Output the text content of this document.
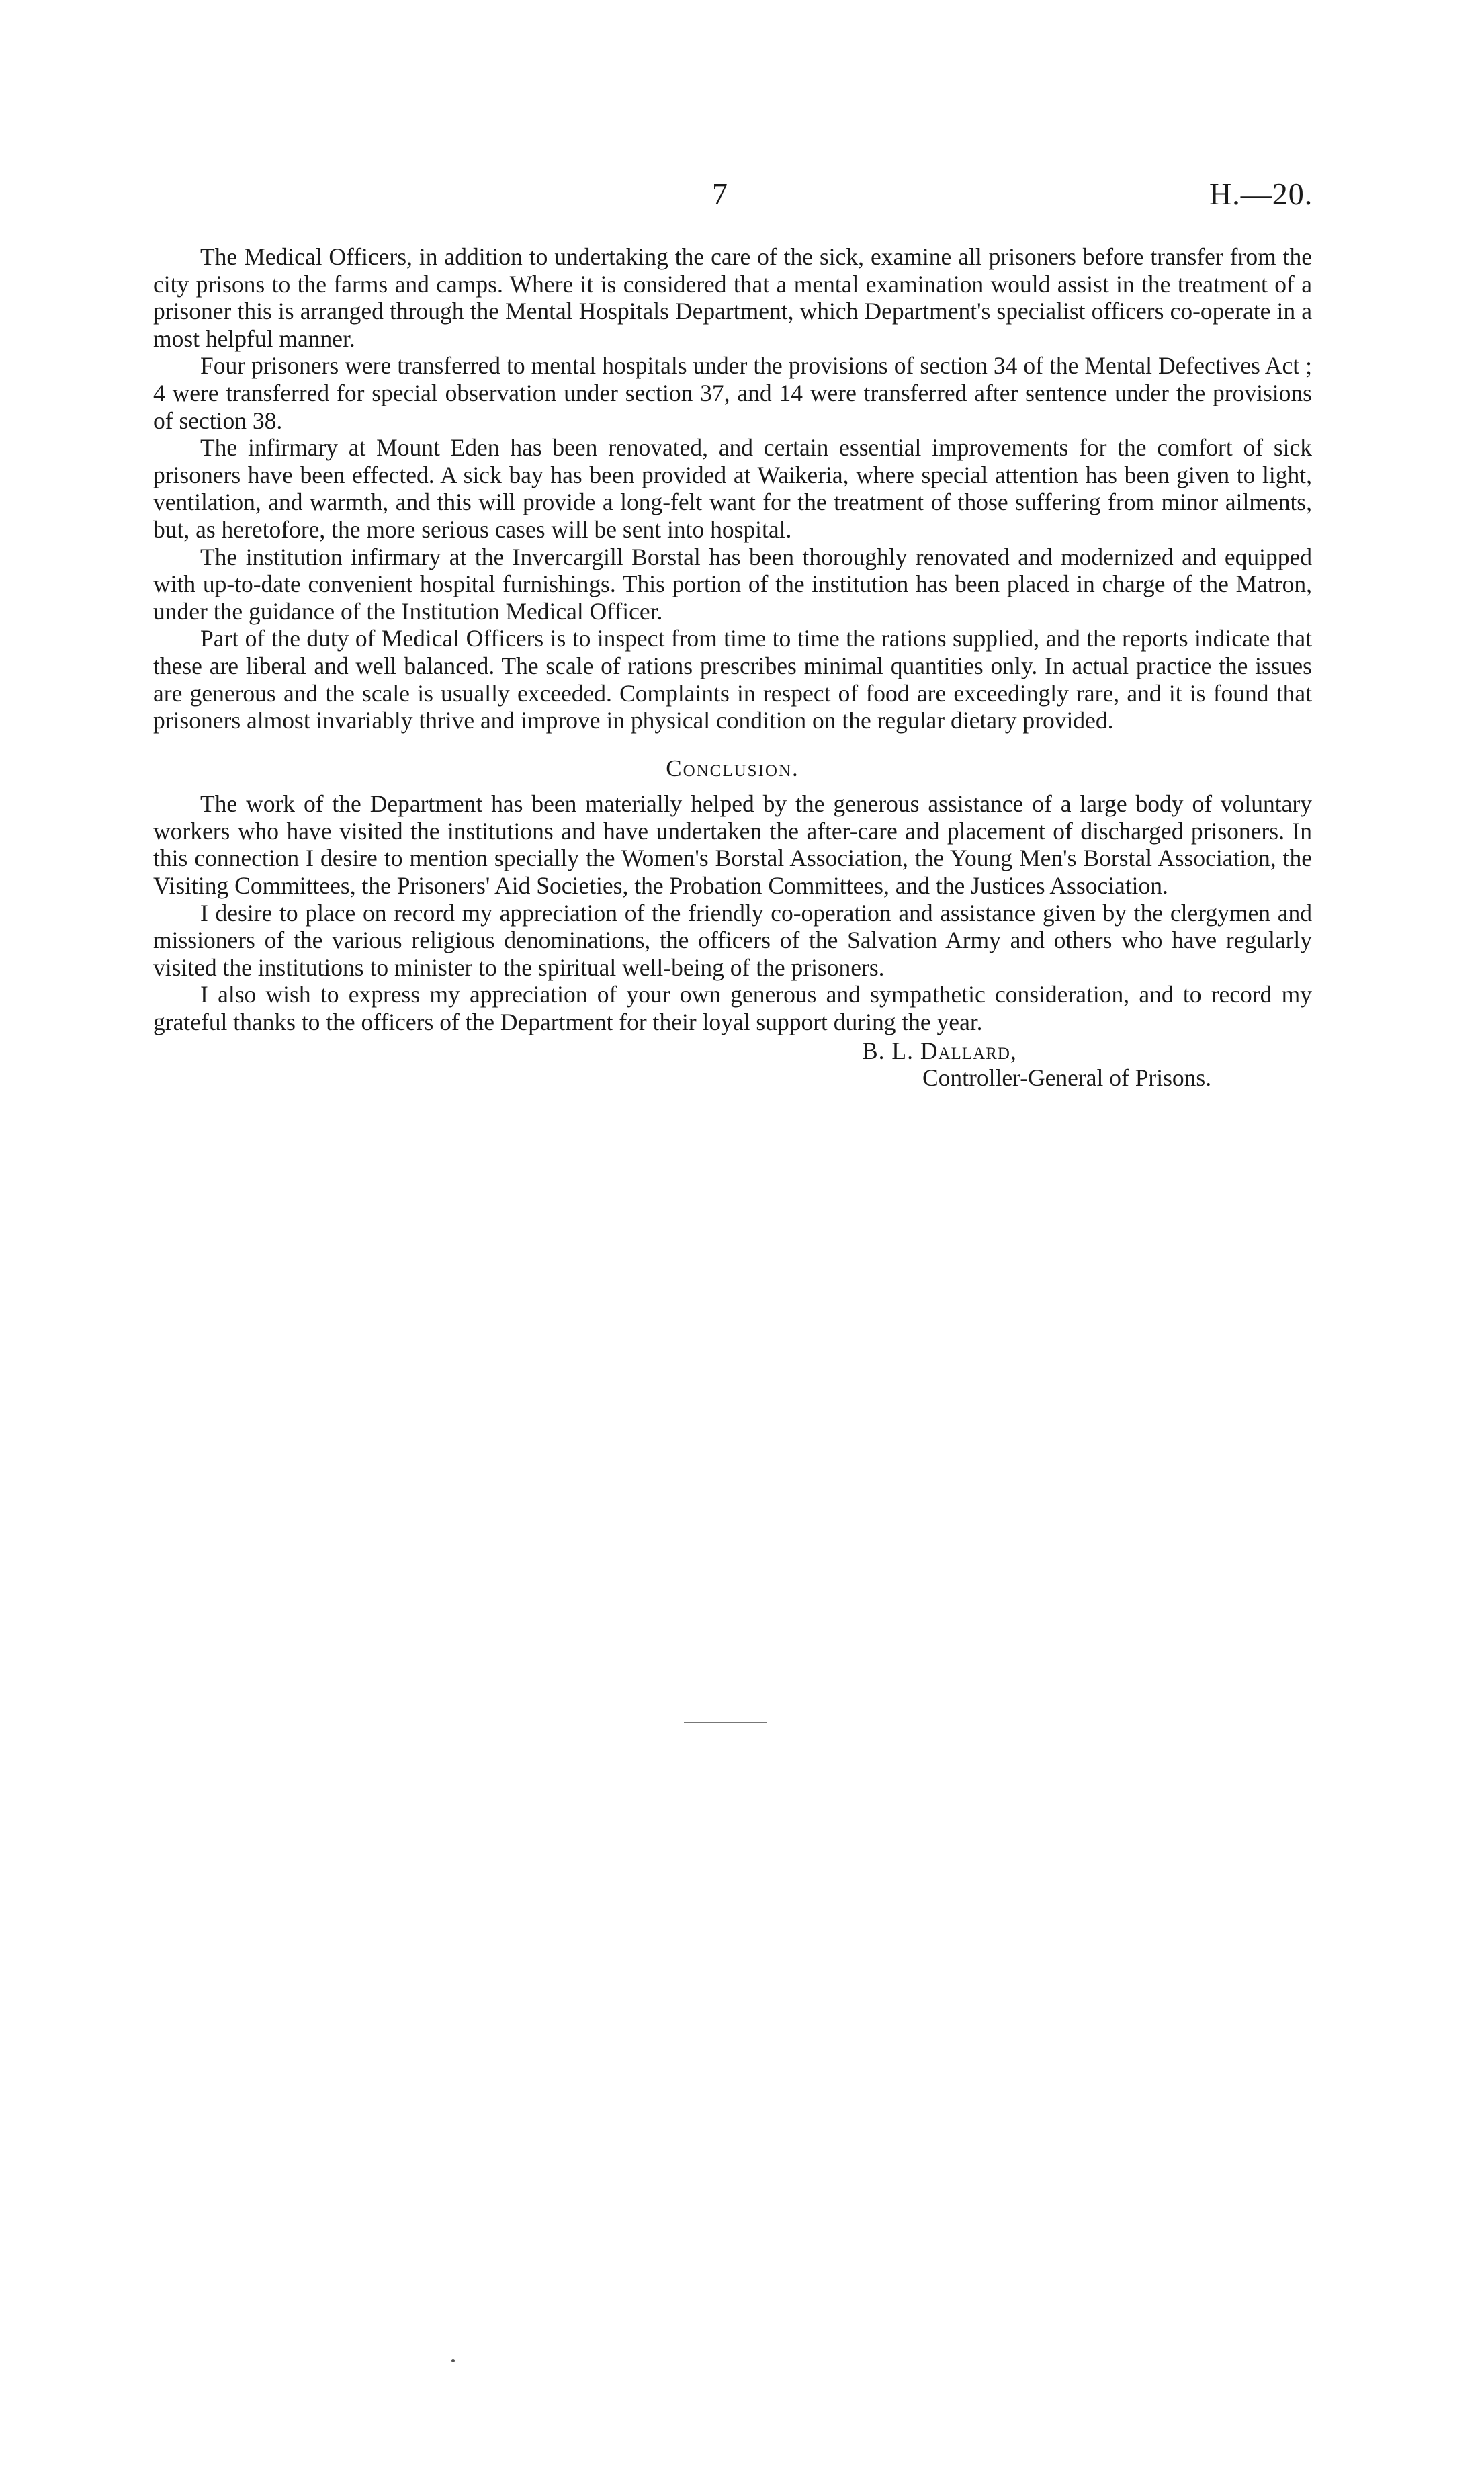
7	H.—20.

The Medical Officers, in addition to undertaking the care of the sick, examine all prisoners before transfer from the city prisons to the farms and camps. Where it is considered that a mental examination would assist in the treatment of a prisoner this is arranged through the Mental Hospitals Department, which Department's specialist officers co-operate in a most helpful manner.

Four prisoners were transferred to mental hospitals under the provisions of section 34 of the Mental Defectives Act ; 4 were transferred for special observation under section 37, and 14 were transferred after sentence under the provisions of section 38.

The infirmary at Mount Eden has been renovated, and certain essential improvements for the comfort of sick prisoners have been effected. A sick bay has been provided at Waikeria, where special attention has been given to light, ventilation, and warmth, and this will provide a long-felt want for the treatment of those suffering from minor ailments, but, as heretofore, the more serious cases will be sent into hospital.

The institution infirmary at the Invercargill Borstal has been thoroughly renovated and modernized and equipped with up-to-date convenient hospital furnishings. This portion of the institution has been placed in charge of the Matron, under the guidance of the Institution Medical Officer.

Part of the duty of Medical Officers is to inspect from time to time the rations supplied, and the reports indicate that these are liberal and well balanced. The scale of rations prescribes minimal quantities only. In actual practice the issues are generous and the scale is usually exceeded. Complaints in respect of food are exceedingly rare, and it is found that prisoners almost invariably thrive and improve in physical condition on the regular dietary provided.

Conclusion.

The work of the Department has been materially helped by the generous assistance of a large body of voluntary workers who have visited the institutions and have undertaken the after-care and placement of discharged prisoners. In this connection I desire to mention specially the Women's Borstal Association, the Young Men's Borstal Association, the Visiting Committees, the Prisoners' Aid Societies, the Probation Committees, and the Justices Association.

I desire to place on record my appreciation of the friendly co-operation and assistance given by the clergymen and missioners of the various religious denominations, the officers of the Salvation Army and others who have regularly visited the institutions to minister to the spiritual well-being of the prisoners.

I also wish to express my appreciation of your own generous and sympathetic consideration, and to record my grateful thanks to the officers of the Department for their loyal support during the year.

B. L. Dallard,
Controller-General of Prisons.
